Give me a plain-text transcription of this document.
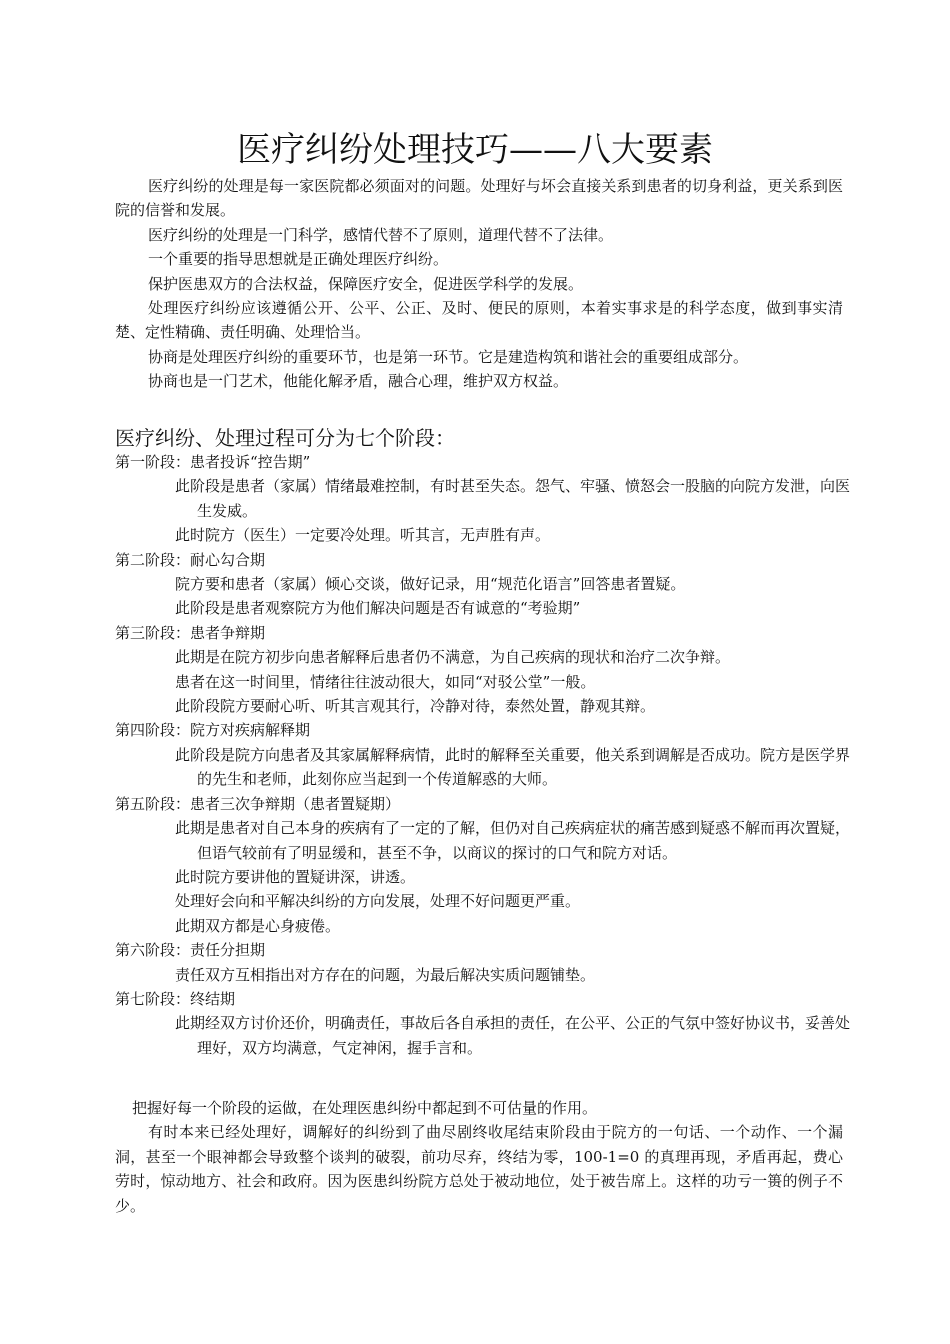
医疗纠纷处理技巧——八大要素

医疗纠纷的处理是每一家医院都必须面对的问题。处理好与坏会直接关系到患者的切身利益，更关系到医院的信誉和发展。

医疗纠纷的处理是一门科学，感情代替不了原则，道理代替不了法律。

一个重要的指导思想就是正确处理医疗纠纷。

保护医患双方的合法权益，保障医疗安全，促进医学科学的发展。

处理医疗纠纷应该遵循公开、公平、公正、及时、便民的原则，本着实事求是的科学态度，做到事实清楚、定性精确、责任明确、处理恰当。

协商是处理医疗纠纷的重要环节，也是第一环节。它是建造构筑和谐社会的重要组成部分。

协商也是一门艺术，他能化解矛盾，融合心理，维护双方权益。

医疗纠纷、处理过程可分为七个阶段：

第一阶段：患者投诉“控告期”

此阶段是患者（家属）情绪最难控制，有时甚至失态。怨气、牢骚、愤怒会一股脑的向院方发泄，向医生发威。

此时院方（医生）一定要冷处理。听其言，无声胜有声。

第二阶段：耐心勾合期

院方要和患者（家属）倾心交谈，做好记录，用“规范化语言”回答患者置疑。

此阶段是患者观察院方为他们解决问题是否有诚意的“考验期”

第三阶段：患者争辩期

此期是在院方初步向患者解释后患者仍不满意，为自己疾病的现状和治疗二次争辩。

患者在这一时间里，情绪往往波动很大，如同“对驳公堂”一般。

此阶段院方要耐心听、听其言观其行，冷静对待，泰然处置，静观其辩。

第四阶段：院方对疾病解释期

此阶段是院方向患者及其家属解释病情，此时的解释至关重要，他关系到调解是否成功。院方是医学界的先生和老师，此刻你应当起到一个传道解惑的大师。

第五阶段：患者三次争辩期（患者置疑期）

此期是患者对自己本身的疾病有了一定的了解，但仍对自己疾病症状的痛苦感到疑惑不解而再次置疑，但语气较前有了明显缓和，甚至不争，以商议的探讨的口气和院方对话。

此时院方要讲他的置疑讲深，讲透。

处理好会向和平解决纠纷的方向发展，处理不好问题更严重。

此期双方都是心身疲倦。

第六阶段：责任分担期

责任双方互相指出对方存在的问题，为最后解决实质问题铺垫。

第七阶段：终结期

此期经双方讨价还价，明确责任，事故后各自承担的责任，在公平、公正的气氛中签好协议书，妥善处理好，双方均满意，气定神闲，握手言和。

把握好每一个阶段的运做，在处理医患纠纷中都起到不可估量的作用。

有时本来已经处理好，调解好的纠纷到了曲尽剧终收尾结束阶段由于院方的一句话、一个动作、一个漏洞，甚至一个眼神都会导致整个谈判的破裂，前功尽弃，终结为零，100-1=0 的真理再现，矛盾再起，费心劳时，惊动地方、社会和政府。因为医患纠纷院方总处于被动地位，处于被告席上。这样的功亏一篑的例子不少。
